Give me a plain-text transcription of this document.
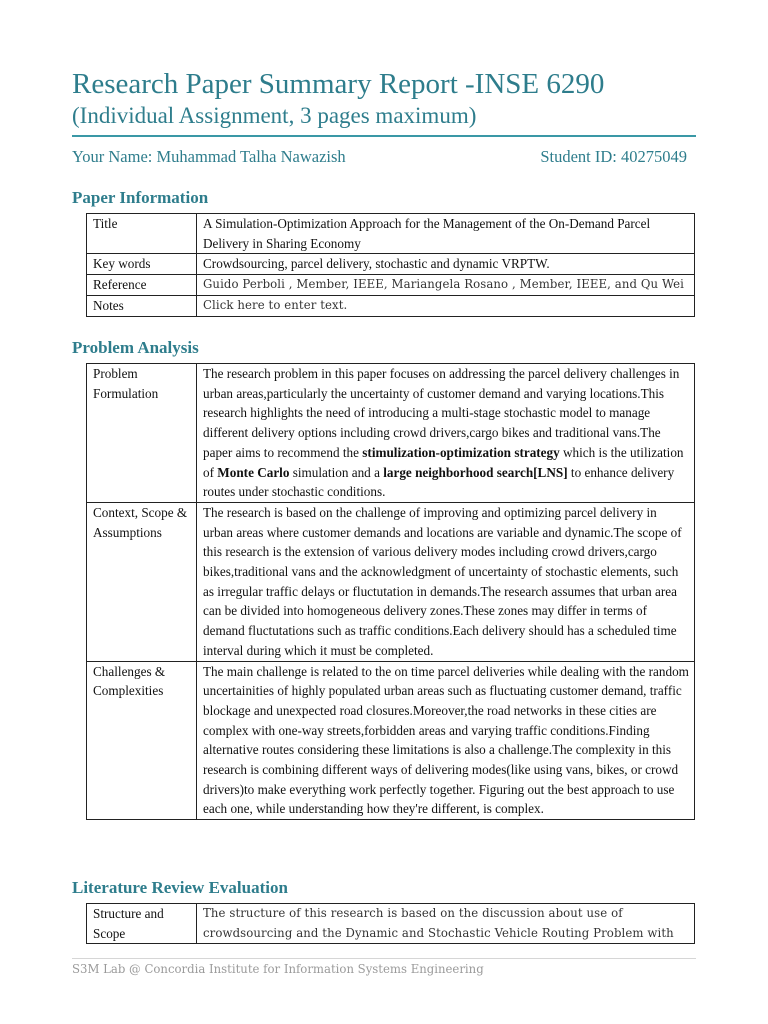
Research Paper Summary Report -INSE 6290
(Individual Assignment, 3 pages maximum)
Your Name: Muhammad Talha Nawazish	Student ID: 40275049
Paper Information
Title	A Simulation-Optimization Approach for the Management of the On-Demand Parcel Delivery in Sharing Economy
Key words	Crowdsourcing, parcel delivery, stochastic and dynamic VRPTW.
Reference	Guido Perboli , Member, IEEE, Mariangela Rosano , Member, IEEE, and Qu Wei
Notes	Click here to enter text.
Problem Analysis
Problem Formulation	The research problem in this paper focuses on addressing the parcel delivery challenges in urban areas,particularly the uncertainty of customer demand and varying locations.This research highlights the need of introducing a multi-stage stochastic model to manage different delivery options including crowd drivers,cargo bikes and traditional vans.The paper aims to recommend the stimulization-optimization strategy which is the utilization of Monte Carlo simulation and a large neighborhood search[LNS] to enhance delivery routes under stochastic conditions.
Context, Scope & Assumptions	The research is based on the challenge of improving and optimizing parcel delivery in urban areas where customer demands and locations are variable and dynamic.The scope of this research is the extension of various delivery modes including crowd drivers,cargo bikes,traditional vans and the acknowledgment of uncertainty of stochastic elements, such as irregular traffic delays or fluctutation in demands.The research assumes that urban area can be divided into homogeneous delivery zones.These zones may differ in terms of demand fluctutations such as traffic conditions.Each delivery should has a scheduled time interval during which it must be completed.
Challenges & Complexities	The main challenge is related to the on time parcel deliveries while dealing with the random uncertainities of highly populated urban areas such as fluctuating customer demand, traffic blockage and unexpected road closures.Moreover,the road networks in these cities are complex with one-way streets,forbidden areas and varying traffic conditions.Finding alternative routes considering these limitations is also a challenge.The complexity in this research is combining different ways of delivering modes(like using vans, bikes, or crowd drivers)to make everything work perfectly together. Figuring out the best approach to use each one, while understanding how they're different, is complex.
Literature Review Evaluation
Structure and Scope	The structure of this research is based on the discussion about use of crowdsourcing and the Dynamic and Stochastic Vehicle Routing Problem with
S3M Lab @ Concordia Institute for Information Systems Engineering
